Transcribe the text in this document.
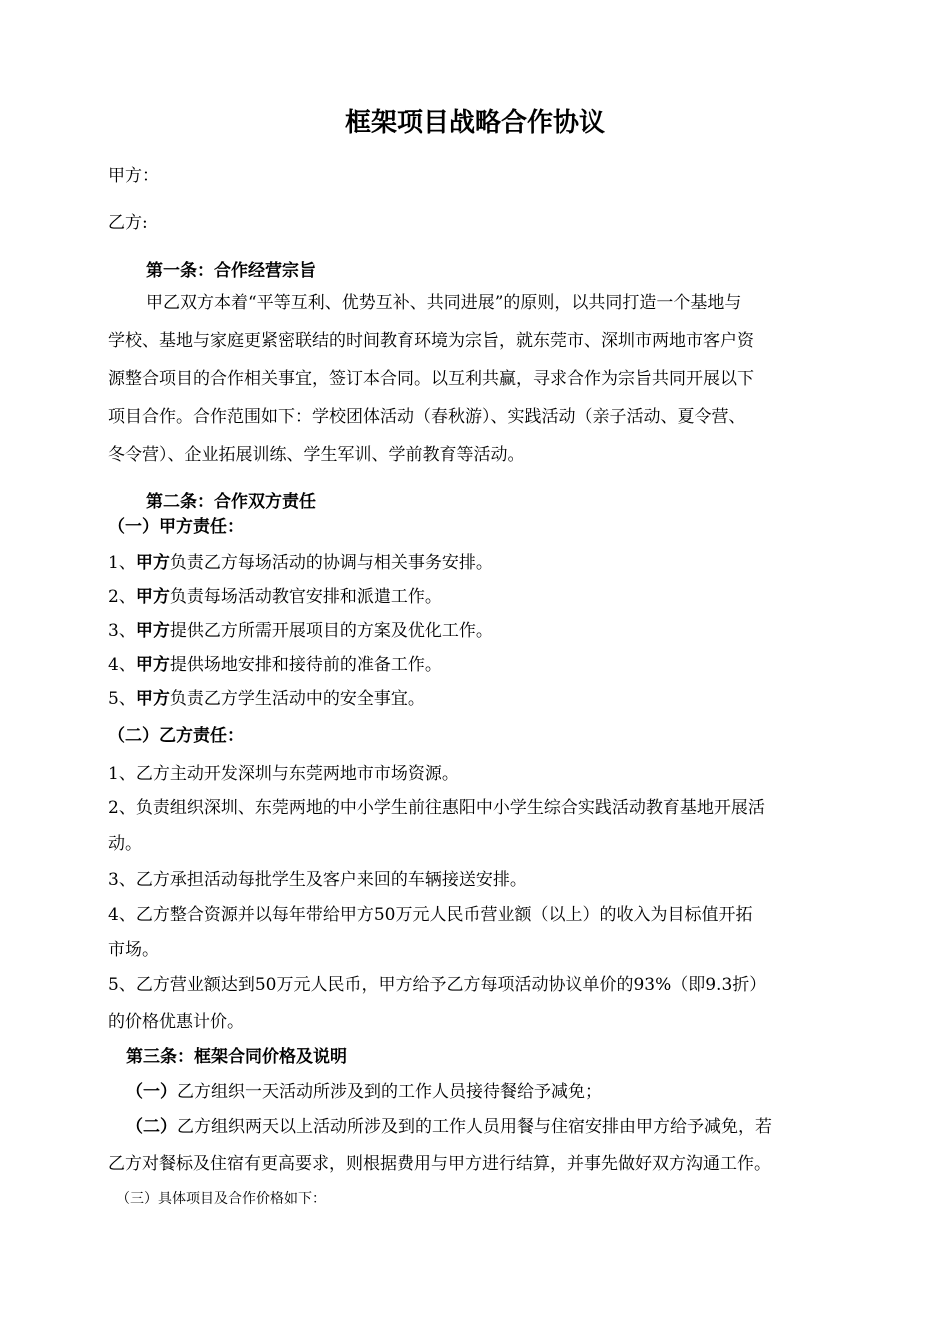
框架项目战略合作协议
甲方：
乙方:
第一条：合作经营宗旨
甲乙双方本着“平等互利、优势互补、共同进展”的原则，以共同打造一个基地与
学校、基地与家庭更紧密联结的时间教育环境为宗旨，就东莞市、深圳市两地市客户资
源整合项目的合作相关事宜，签订本合同。以互利共赢，寻求合作为宗旨共同开展以下
项目合作。合作范围如下：学校团体活动（春秋游）、实践活动（亲子活动、夏令营、
冬令营）、企业拓展训练、学生军训、学前教育等活动。
第二条：合作双方责任
（一）甲方责任：
1、甲方负责乙方每场活动的协调与相关事务安排。
2、甲方负责每场活动教官安排和派遣工作。
3、甲方提供乙方所需开展项目的方案及优化工作。
4、甲方提供场地安排和接待前的准备工作。
5、甲方负责乙方学生活动中的安全事宜。
（二）乙方责任：
1、乙方主动开发深圳与东莞两地市市场资源。
2、负责组织深圳、东莞两地的中小学生前往惠阳中小学生综合实践活动教育基地开展活
动。
3、乙方承担活动每批学生及客户来回的车辆接送安排。
4、乙方整合资源并以每年带给甲方50万元人民币营业额（以上）的收入为目标值开拓
市场。
5、乙方营业额达到50万元人民币，甲方给予乙方每项活动协议单价的93%（即9.3折）
的价格优惠计价。
第三条：框架合同价格及说明
（一）乙方组织一天活动所涉及到的工作人员接待餐给予减免；
（二）乙方组织两天以上活动所涉及到的工作人员用餐与住宿安排由甲方给予减免，若
乙方对餐标及住宿有更高要求，则根据费用与甲方进行结算，并事先做好双方沟通工作。
（三）具体项目及合作价格如下：
